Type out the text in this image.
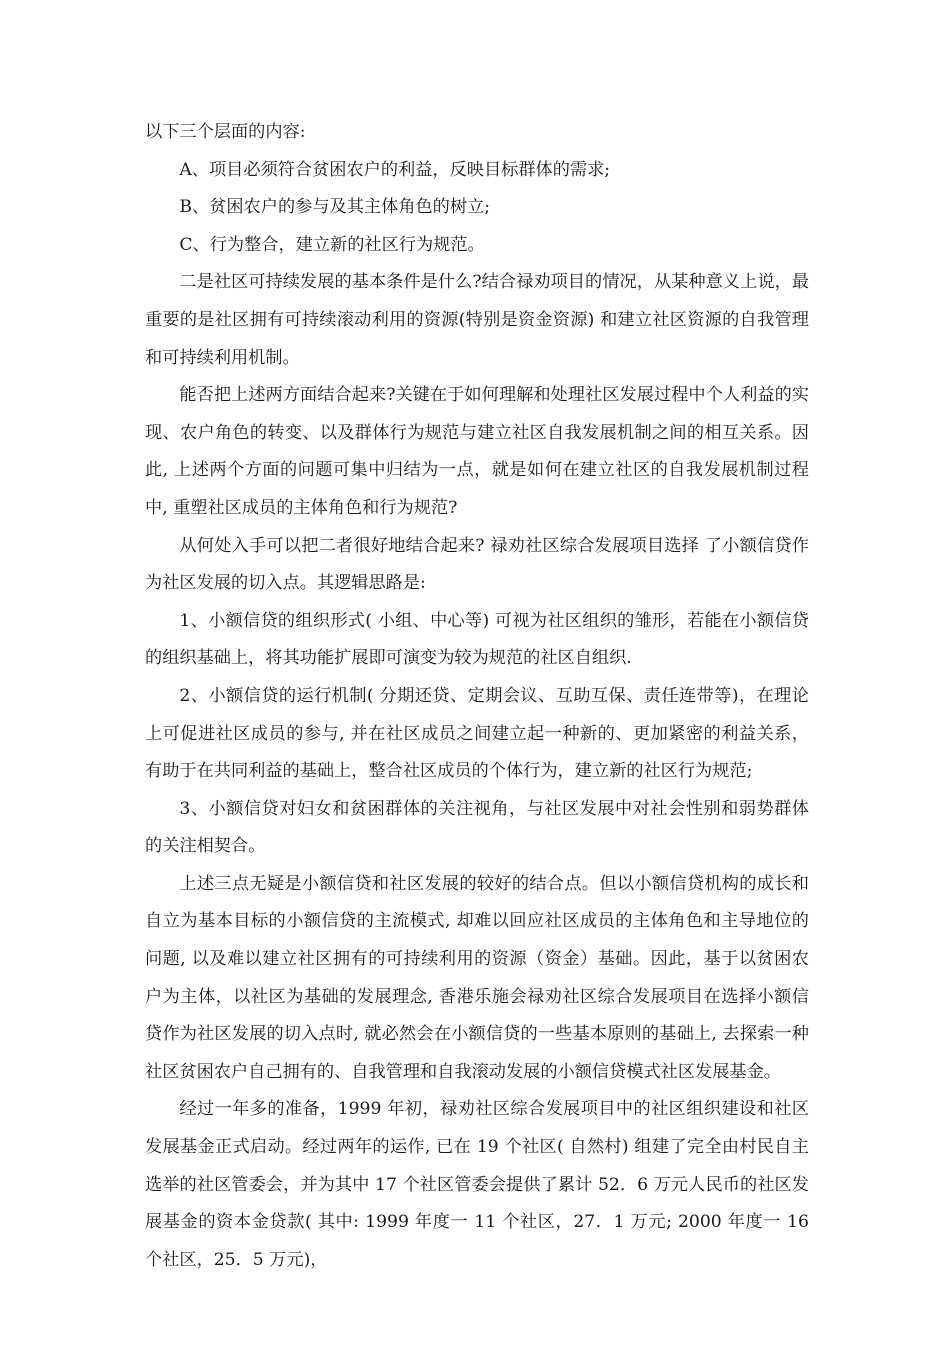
以下三个层面的内容:

A、项目必须符合贫困农户的利益，反映目标群体的需求;

B、贫困农户的参与及其主体角色的树立;

C、行为整合，建立新的社区行为规范。

二是社区可持续发展的基本条件是什么?结合禄劝项目的情况，从某种意义上说，最重要的是社区拥有可持续滚动利用的资源(特别是资金资源) 和建立社区资源的自我管理和可持续利用机制。

能否把上述两方面结合起来?关键在于如何理解和处理社区发展过程中个人利益的实现、农户角色的转变、以及群体行为规范与建立社区自我发展机制之间的相互关系。因此, 上述两个方面的问题可集中归结为一点，就是如何在建立社区的自我发展机制过程中, 重塑社区成员的主体角色和行为规范?

从何处入手可以把二者很好地结合起来? 禄劝社区综合发展项目选择 了小额信贷作为社区发展的切入点。其逻辑思路是:

1、小额信贷的组织形式( 小组、中心等) 可视为社区组织的雏形，若能在小额信贷的组织基础上，将其功能扩展即可演变为较为规范的社区自组织.

2、小额信贷的运行机制( 分期还贷、定期会议、互助互保、责任连带等)，在理论上可促进社区成员的参与, 并在社区成员之间建立起一种新的、更加紧密的利益关系，有助于在共同利益的基础上，整合社区成员的个体行为，建立新的社区行为规范;

3、小额信贷对妇女和贫困群体的关注视角，与社区发展中对社会性别和弱势群体的关注相契合。

上述三点无疑是小额信贷和社区发展的较好的结合点。但以小额信贷机构的成长和自立为基本目标的小额信贷的主流模式, 却难以回应社区成员的主体角色和主导地位的问题, 以及难以建立社区拥有的可持续利用的资源（资金）基础。因此，基于以贫困农户为主体，以社区为基础的发展理念, 香港乐施会禄劝社区综合发展项目在选择小额信贷作为社区发展的切入点时, 就必然会在小额信贷的一些基本原则的基础上, 去探索一种社区贫困农户自己拥有的、自我管理和自我滚动发展的小额信贷模式社区发展基金。

经过一年多的准备，1999 年初，禄劝社区综合发展项目中的社区组织建设和社区发展基金正式启动。经过两年的运作, 已在 19 个社区( 自然村) 组建了完全由村民自主选举的社区管委会，并为其中 17 个社区管委会提供了累计 52．6 万元人民币的社区发展基金的资本金贷款( 其中: 1999 年度一 11 个社区，27．1 万元; 2000 年度一 16 个社区，25．5 万元)，
